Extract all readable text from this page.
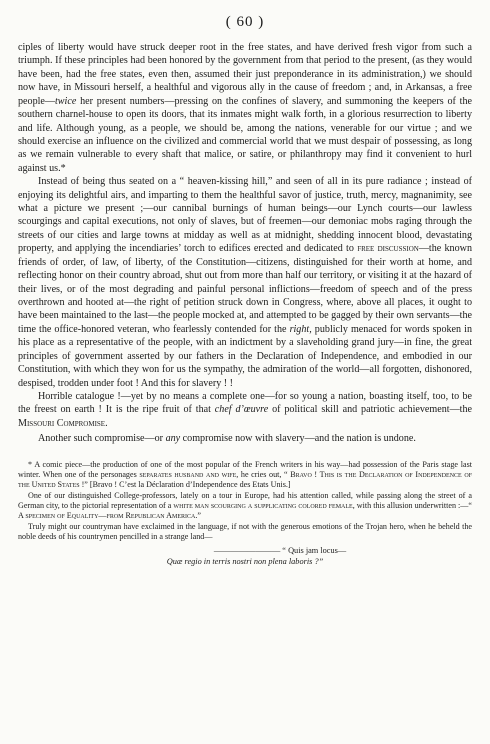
( 60 )

ciples of liberty would have struck deeper root in the free states, and have derived fresh vigor from such a triumph. If these principles had been honored by the government from that period to the present, (as they would have been, had the free states, even then, assumed their just preponderance in its administration,) we should now have, in Missouri herself, a healthful and vigorous ally in the cause of freedom ; and, in Arkansas, a free people—twice her present numbers—pressing on the confines of slavery, and summoning the keepers of the southern charnel-house to open its doors, that its inmates might walk forth, in a glorious resurrection to liberty and life. Although young, as a people, we should be, among the nations, venerable for our virtue ; and we should exercise an influence on the civilized and commercial world that we must despair of possessing, as long as we remain vulnerable to every shaft that malice, or satire, or philanthropy may find it convenient to hurl against us.*

Instead of being thus seated on a “ heaven-kissing hill,” and seen of all in its pure radiance ; instead of enjoying its delightful airs, and imparting to them the healthful savor of justice, truth, mercy, magnanimity, see what a picture we present ;—our cannibal burnings of human beings—our Lynch courts—our lawless scourgings and capital executions, not only of slaves, but of freemen—our demoniac mobs raging through the streets of our cities and large towns at midday as well as at midnight, shedding innocent blood, devastating property, and applying the incendiaries’ torch to edifices erected and dedicated to free discussion—the known friends of order, of law, of liberty, of the Constitution—citizens, distinguished for their worth at home, and reflecting honor on their country abroad, shut out from more than half our territory, or visiting it at the hazard of their lives, or of the most degrading and painful personal inflictions—freedom of speech and of the press overthrown and hooted at—the right of petition struck down in Congress, where, above all places, it ought to have been maintained to the last—the people mocked at, and attempted to be gagged by their own servants—the time the office-honored veteran, who fearlessly contended for the right, publicly menaced for words spoken in his place as a representative of the people, with an indictment by a slaveholding grand jury—in fine, the great principles of government asserted by our fathers in the Declaration of Independence, and embodied in our Constitution, with which they won for us the sympathy, the admiration of the world—all forgotten, dishonored, despised, trodden under foot ! And this for slavery ! !

Horrible catalogue !—yet by no means a complete one—for so young a nation, boasting itself, too, to be the freest on earth ! It is the ripe fruit of that chef d’œuvre of political skill and patriotic achievement—the Missouri Compromise.

Another such compromise—or any compromise now with slavery—and the nation is undone.

* A comic piece—the production of one of the most popular of the French writers in his way—had possession of the Paris stage last winter. When one of the personages separates husband and wife, he cries out, “ Bravo ! This is the Declaration of Independence of the United States !” [Bravo ! C’est la Déclaration d’Independence des Etats Unis.]

One of our distinguished College-professors, lately on a tour in Europe, had his attention called, while passing along the street of a German city, to the pictorial representation of a white man scourging a supplicating colored female, with this allusion underwritten :—“ A specimen of Equality—from Republican America.”

Truly might our countryman have exclaimed in the language, if not with the generous emotions of the Trojan hero, when he beheld the noble deeds of his countrymen pencilled in a strange land—

———————— “ Quis jam locus—
Quæ regio in terris nostri non plena laboris ?”
